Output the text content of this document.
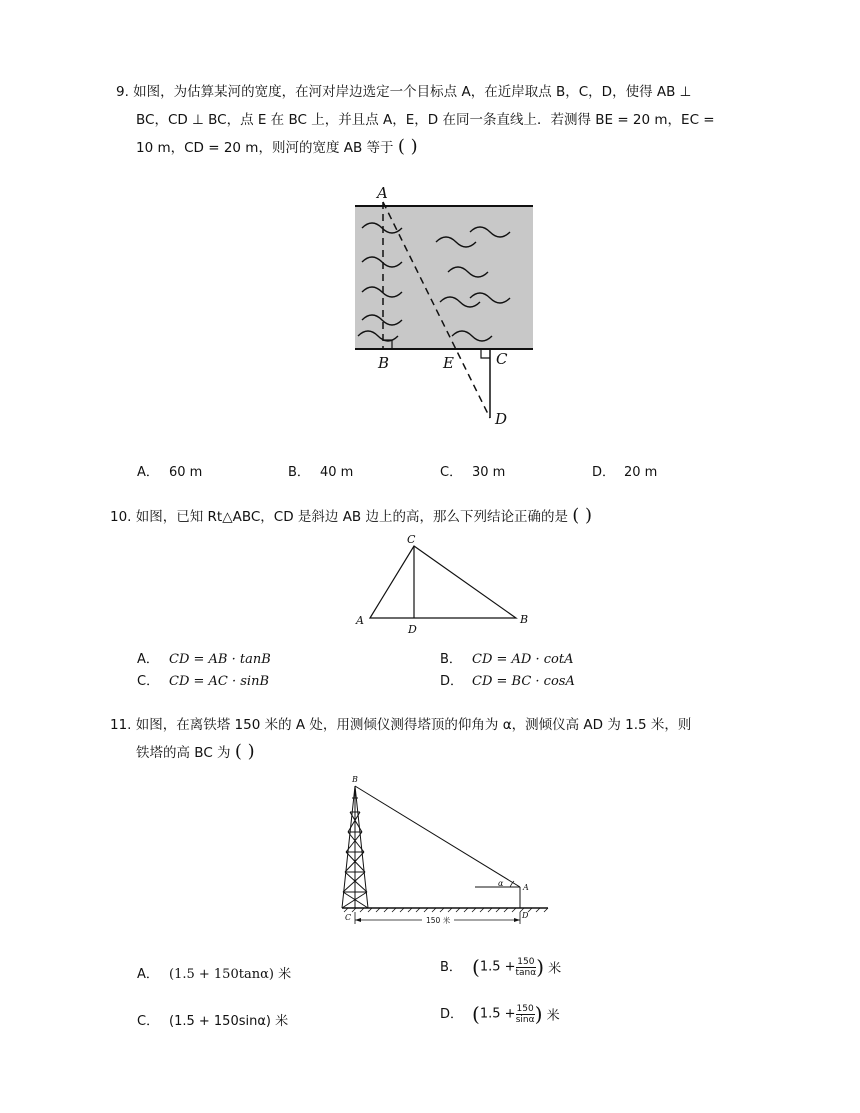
9. 如图，为估算某河的宽度，在河对岸边选定一个目标点 A，在近岸取点 B，C，D，使得 AB ⊥
BC，CD ⊥ BC，点 E 在 BC 上，并且点 A，E，D 在同一条直线上．若测得 BE = 20 m，EC =
10 m，CD = 20 m，则河的宽度 AB 等于 ( )
A
B	E	C
D
A． 60 m	B． 40 m	C． 30 m	D． 20 m
10. 如图，已知 Rt△ABC，CD 是斜边 AB 边上的高，那么下列结论正确的是 ( )
C
A
D
B
A． CD = AB · tanB	B． CD = AD · cotA
C． CD = AC · sinB	D． CD = BC · cosA
11. 如图，在离铁塔 150 米的 A 处，用测倾仪测得塔顶的仰角为 α，测倾仪高 AD 为 1.5 米，则
铁塔的高 BC 为 ( )
B
A
α
C	D
150 米
A． (1.5 + 150tanα) 米	B． ($1.5 + \frac{150}{\tan\alpha}$ ) 米
C． (1.5 + 150sinα) 米	D． ($1.5 + \frac{150}{\sin\alpha}$ ) 米
